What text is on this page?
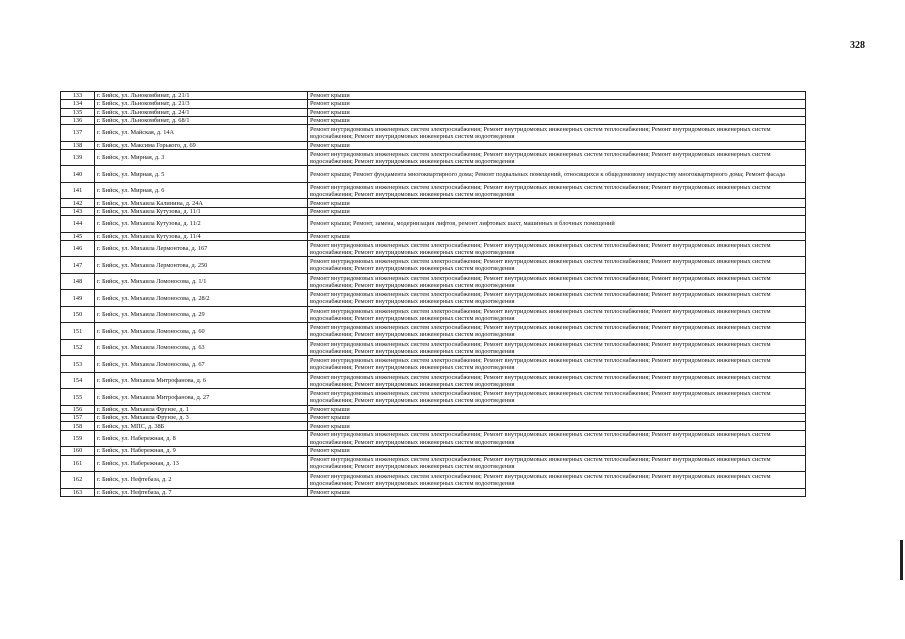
328
133	г. Бийск, ул. Льнокомбинат, д. 21/1	Ремонт крыши
134	г. Бийск, ул. Льнокомбинат, д. 21/3	Ремонт крыши
135	г. Бийск, ул. Льнокомбинат, д. 24/1	Ремонт крыши
136	г. Бийск, ул. Льнокомбинат, д. 68/1	Ремонт крыши
137	г. Бийск, ул. Майская, д. 14А	Ремонт внутридомовых инженерных систем электроснабжения; Ремонт внутридомовых инженерных систем теплоснабжения; Ремонт внутридомовых инженерных систем водоснабжения; Ремонт внутридомовых инженерных систем водоотведения
138	г. Бийск, ул. Максима Горького, д. 69	Ремонт крыши
139	г. Бийск, ул. Мирная, д. 3	Ремонт внутридомовых инженерных систем электроснабжения; Ремонт внутридомовых инженерных систем теплоснабжения; Ремонт внутридомовых инженерных систем водоснабжения; Ремонт внутридомовых инженерных систем водоотведения
140	г. Бийск, ул. Мирная, д. 5	Ремонт крыши; Ремонт фундамента многоквартирного дома; Ремонт подвальных помещений, относящихся к общедомовому имуществу многоквартирного дома; Ремонт фасада
141	г. Бийск, ул. Мирная, д. 6	Ремонт внутридомовых инженерных систем электроснабжения; Ремонт внутридомовых инженерных систем теплоснабжения; Ремонт внутридомовых инженерных систем водоснабжения; Ремонт внутридомовых инженерных систем водоотведения
142	г. Бийск, ул. Михаила Калинина, д. 24А	Ремонт крыши
143	г. Бийск, ул. Михаила Кутузова, д. 11/1	Ремонт крыши
144	г. Бийск, ул. Михаила Кутузова, д. 11/2	Ремонт крыши; Ремонт, замена, модернизация лифтов, ремонт лифтовых шахт, машинных и блочных помещений
145	г. Бийск, ул. Михаила Кутузова, д. 11/4	Ремонт крыши
146	г. Бийск, ул. Михаила Лермонтова, д. 167	Ремонт внутридомовых инженерных систем электроснабжения; Ремонт внутридомовых инженерных систем теплоснабжения; Ремонт внутридомовых инженерных систем водоснабжения; Ремонт внутридомовых инженерных систем водоотведения
147	г. Бийск, ул. Михаила Лермонтова, д. 250	Ремонт внутридомовых инженерных систем электроснабжения; Ремонт внутридомовых инженерных систем теплоснабжения; Ремонт внутридомовых инженерных систем водоснабжения; Ремонт внутридомовых инженерных систем водоотведения
148	г. Бийск, ул. Михаила Ломоносова, д. 1/1	Ремонт внутридомовых инженерных систем электроснабжения; Ремонт внутридомовых инженерных систем теплоснабжения; Ремонт внутридомовых инженерных систем водоснабжения; Ремонт внутридомовых инженерных систем водоотведения
149	г. Бийск, ул. Михаила Ломоносова, д. 28/2	Ремонт внутридомовых инженерных систем электроснабжения; Ремонт внутридомовых инженерных систем теплоснабжения; Ремонт внутридомовых инженерных систем водоснабжения; Ремонт внутридомовых инженерных систем водоотведения
150	г. Бийск, ул. Михаила Ломоносова, д. 29	Ремонт внутридомовых инженерных систем электроснабжения; Ремонт внутридомовых инженерных систем теплоснабжения; Ремонт внутридомовых инженерных систем водоснабжения; Ремонт внутридомовых инженерных систем водоотведения
151	г. Бийск, ул. Михаила Ломоносова, д. 60	Ремонт внутридомовых инженерных систем электроснабжения; Ремонт внутридомовых инженерных систем теплоснабжения; Ремонт внутридомовых инженерных систем водоснабжения; Ремонт внутридомовых инженерных систем водоотведения
152	г. Бийск, ул. Михаила Ломоносова, д. 63	Ремонт внутридомовых инженерных систем электроснабжения; Ремонт внутридомовых инженерных систем теплоснабжения; Ремонт внутридомовых инженерных систем водоснабжения; Ремонт внутридомовых инженерных систем водоотведения
153	г. Бийск, ул. Михаила Ломоносова, д. 67	Ремонт внутридомовых инженерных систем электроснабжения; Ремонт внутридомовых инженерных систем теплоснабжения; Ремонт внутридомовых инженерных систем водоснабжения; Ремонт внутридомовых инженерных систем водоотведения
154	г. Бийск, ул. Михаила Митрофанова, д. 6	Ремонт внутридомовых инженерных систем электроснабжения; Ремонт внутридомовых инженерных систем теплоснабжения; Ремонт внутридомовых инженерных систем водоснабжения; Ремонт внутридомовых инженерных систем водоотведения
155	г. Бийск, ул. Михаила Митрофанова, д. 27	Ремонт внутридомовых инженерных систем электроснабжения; Ремонт внутридомовых инженерных систем теплоснабжения; Ремонт внутридомовых инженерных систем водоснабжения; Ремонт внутридомовых инженерных систем водоотведения
156	г. Бийск, ул. Михаила Фрунзе, д. 1	Ремонт крыши
157	г. Бийск, ул. Михаила Фрунзе, д. 3	Ремонт крыши
158	г. Бийск, ул. МПС, д. 38Б	Ремонт крыши
159	г. Бийск, ул. Набережная, д. 8	Ремонт внутридомовых инженерных систем электроснабжения; Ремонт внутридомовых инженерных систем теплоснабжения; Ремонт внутридомовых инженерных систем водоснабжения; Ремонт внутридомовых инженерных систем водоотведения
160	г. Бийск, ул. Набережная, д. 9	Ремонт крыши
161	г. Бийск, ул. Набережная, д. 13	Ремонт внутридомовых инженерных систем электроснабжения; Ремонт внутридомовых инженерных систем теплоснабжения; Ремонт внутридомовых инженерных систем водоснабжения; Ремонт внутридомовых инженерных систем водоотведения
162	г. Бийск, ул. Нефтебаза, д. 2	Ремонт внутридомовых инженерных систем электроснабжения; Ремонт внутридомовых инженерных систем теплоснабжения; Ремонт внутридомовых инженерных систем водоснабжения; Ремонт внутридомовых инженерных систем водоотведения
163	г. Бийск, ул. Нефтебаза, д. 7	Ремонт крыши
